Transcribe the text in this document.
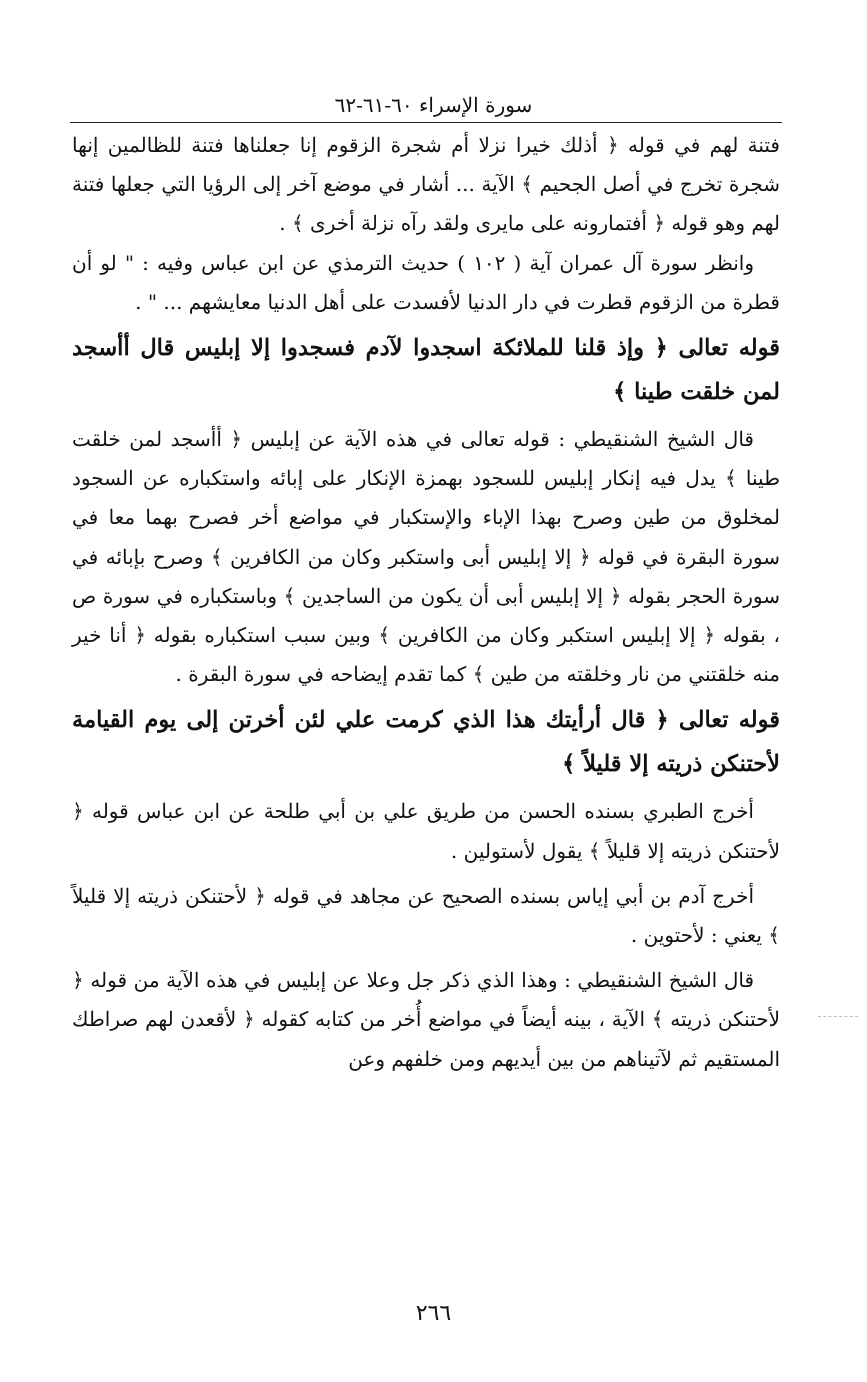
سورة الإسراء ٦٠-٦١-٦٢

فتنة لهم في قوله ﴿ أذلك خيرا نزلا أم شجرة الزقوم إنا جعلناها فتنة للظالمين إنها شجرة تخرج في أصل الجحيم ﴾ الآية ... أشار في موضع آخر إلى الرؤيا التي جعلها فتنة لهم وهو قوله ﴿ أفتمارونه على مايرى ولقد رآه نزلة أخرى ﴾ .

وانظر سورة آل عمران آية ( ١٠٢ ) حديث الترمذي عن ابن عباس وفيه : " لو أن قطرة من الزقوم قطرت في دار الدنيا لأفسدت على أهل الدنيا معايشهم ... " .

قوله تعالى ﴿ وإذ قلنا للملائكة اسجدوا لآدم فسجدوا إلا إبليس قال أأسجد لمن خلقت طينا ﴾

قال الشيخ الشنقيطي : قوله تعالى في هذه الآية عن إبليس ﴿ أأسجد لمن خلقت طينا ﴾ يدل فيه إنكار إبليس للسجود بهمزة الإنكار على إبائه واستكباره عن السجود لمخلوق من طين وصرح بهذا الإباء والإستكبار في مواضع أخر فصرح بهما معا في سورة البقرة في قوله ﴿ إلا إبليس أبى واستكبر وكان من الكافرين ﴾ وصرح بإبائه في سورة الحجر بقوله ﴿ إلا إبليس أبى أن يكون من الساجدين ﴾ وباستكباره في سورة ص ، بقوله ﴿ إلا إبليس استكبر وكان من الكافرين ﴾ وبين سبب استكباره بقوله ﴿ أنا خير منه خلقتني من نار وخلقته من طين ﴾ كما تقدم إيضاحه في سورة البقرة .

قوله تعالى ﴿ قال أرأيتك هذا الذي كرمت علي لئن أخرتن إلى يوم القيامة لأحتنكن ذريته إلا قليلاً ﴾

أخرج الطبري بسنده الحسن من طريق علي بن أبي طلحة عن ابن عباس قوله ﴿ لأحتنكن ذريته إلا قليلاً ﴾ يقول لأستولين .

أخرج آدم بن أبي إياس بسنده الصحيح عن مجاهد في قوله ﴿ لأحتنكن ذريته إلا قليلاً ﴾ يعني : لأحتوين .

قال الشيخ الشنقيطي : وهذا الذي ذكر جل وعلا عن إبليس في هذه الآية من قوله ﴿ لأحتنكن ذريته ﴾ الآية ، بينه أيضاً في مواضع أُخر من كتابه كقوله ﴿ لأقعدن لهم صراطك المستقيم ثم لآتيناهم من بين أيديهم ومن خلفهم وعن

٢٦٦
